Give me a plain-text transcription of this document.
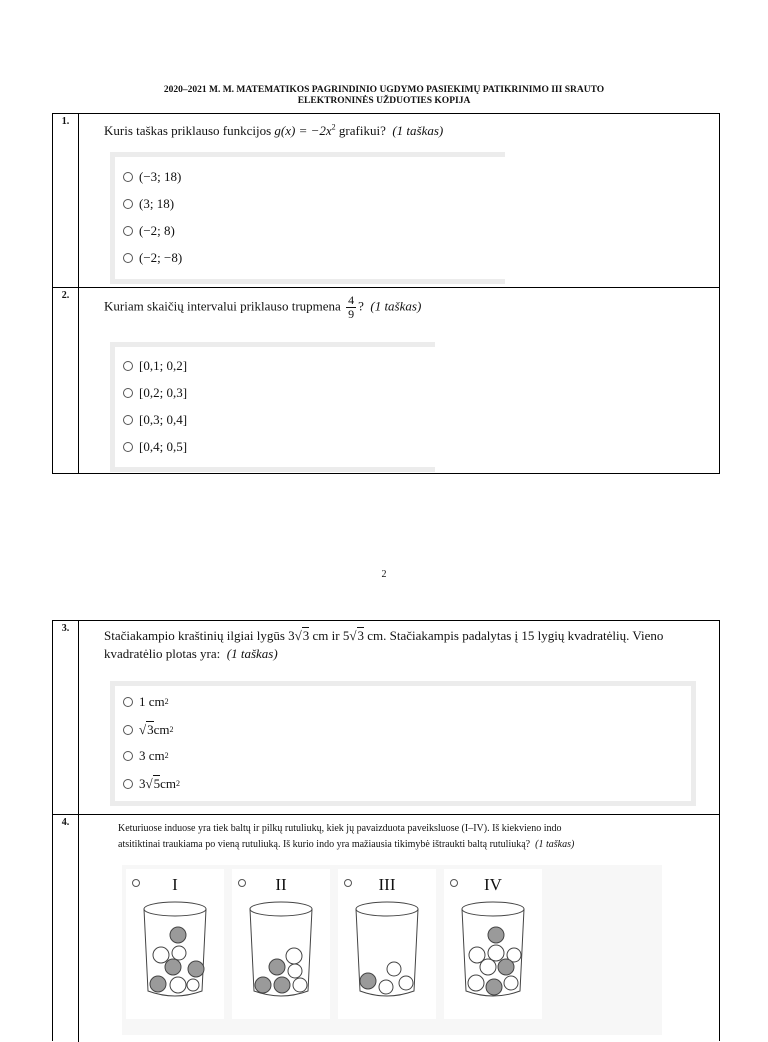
2020–2021 M. M. MATEMATIKOS PAGRINDINIO UGDYMO PASIEKIMŲ PATIKRINIMO III SRAUTO
ELEKTRONINĖS UŽDUOTIES KOPIJA
1.
Kuris taškas priklauso funkcijos $g(x) = -2x^2$ grafikui? (1 taškas)
(−3; 18)
(3; 18)
(−2; 8)
(−2; −8)
2.
Kuriam skaičių intervalui priklauso trupmena $\frac{4}{9}$ ? (1 taškas)
[0,1; 0,2]
[0,2; 0,3]
[0,3; 0,4]
[0,4; 0,5]
2
3.	Stačiakampio kraštinių ilgiai lygūs 3√3 cm ir 5√3 cm. Stačiakampis padalytas į 15 lygių kvadratėlių. Vieno
kvadratėlio plotas yra: (1 taškas)
1 cm 2
√ 3 cm 2
3 cm 2
3 √ 5 cm 2
4.
Keturiuose induose yra tiek baltų ir pilkų rutuliukų, kiek jų pavaizduota paveiksluose (I–IV). Iš kiekvieno indo
atsitiktinai traukiama po vieną rutuliuką. Iš kurio indo yra mažiausia tikimybė ištraukti baltą rutuliuką? (1 taškas)
I	II	III	IV
